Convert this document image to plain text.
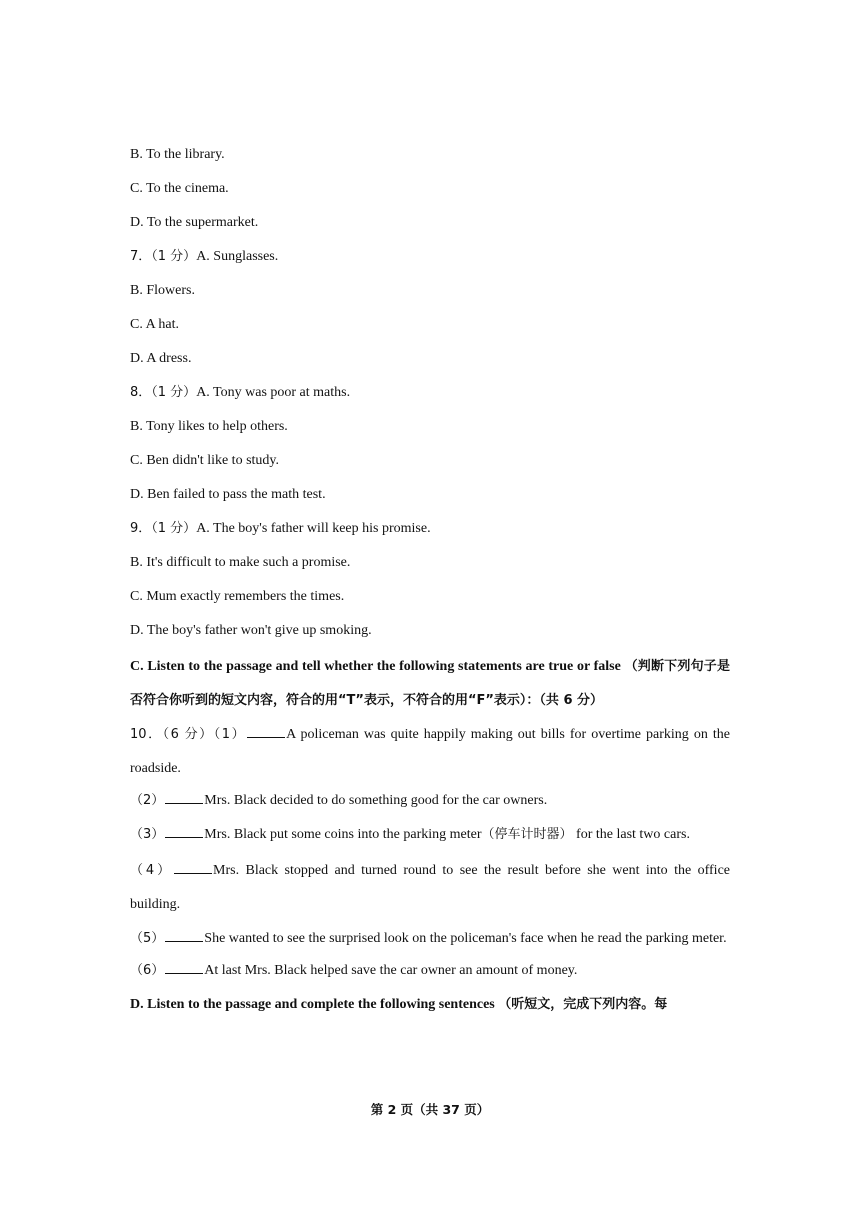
B. To the library.
C. To the cinema.
D. To the supermarket.
7．（1 分）A. Sunglasses.
B. Flowers.
C. A hat.
D. A dress.
8．（1 分）A. Tony was poor at maths.
B. Tony likes to help others.
C. Ben didn't like to study.
D. Ben failed to pass the math test.
9．（1 分）A. The boy's father will keep his promise.
B. It's difficult to make such a promise.
C. Mum exactly remembers the times.
D. The boy's father won't give up smoking.
C. Listen to the passage and tell whether the following statements are true or false （判断下列句子是否符合你听到的短文内容，符合的用“T”表示，不符合的用“F”表示）：（共 6 分）
10．（6 分）（1）	A policeman was quite happily making out bills for overtime parking on the roadside.
（2）	Mrs. Black decided to do something good for the car owners.
（3）	Mrs. Black put some coins into the parking meter（停车计时器） for the last two cars.
（4）	Mrs. Black stopped and turned round to see the result before she went into the office building.
（5）	She wanted to see the surprised look on the policeman's face when he read the parking meter.
（6）	At last Mrs. Black helped save the car owner an amount of money.
D. Listen to the passage and complete the following sentences （听短文，完成下列内容。每
第 2 页（共 37 页）
